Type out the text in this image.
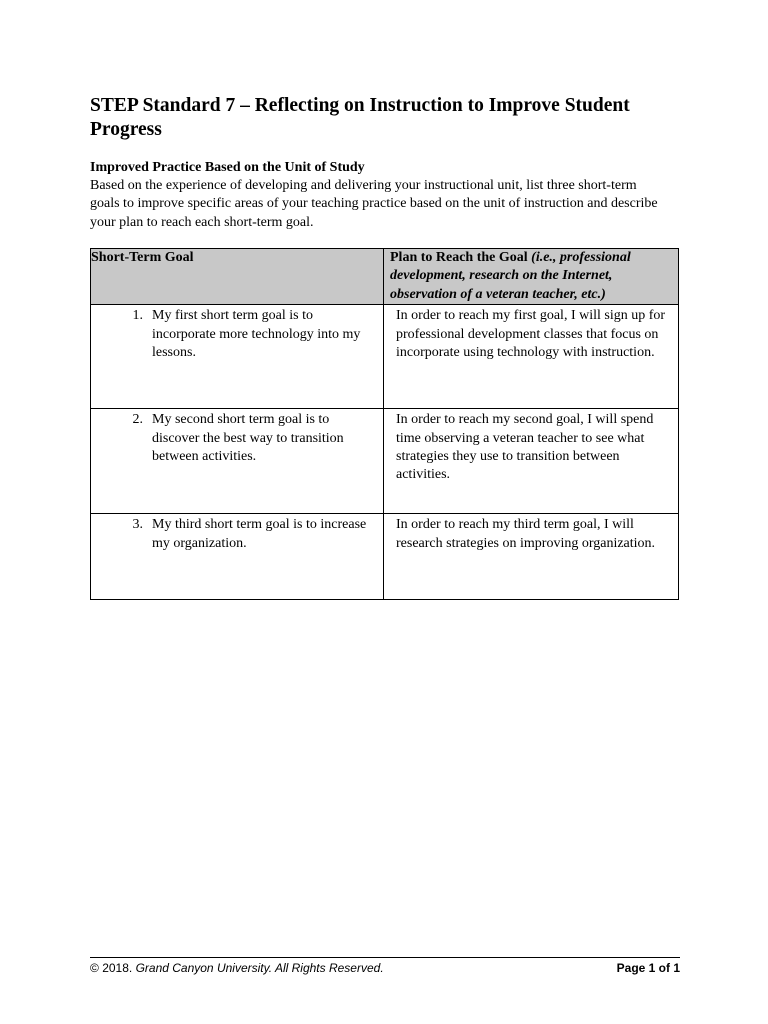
STEP Standard 7 – Reflecting on Instruction to Improve Student Progress
Improved Practice Based on the Unit of Study
Based on the experience of developing and delivering your instructional unit, list three short-term goals to improve specific areas of your teaching practice based on the unit of instruction and describe your plan to reach each short-term goal.
Short-Term Goal	Plan to Reach the Goal (i.e., professional development, research on the Internet, observation of a veteran teacher, etc.)

1. My first short term goal is to incorporate more technology into my lessons.	In order to reach my first goal, I will sign up for professional development classes that focus on incorporate using technology with instruction.

2. My second short term goal is to discover the best way to transition between activities.	In order to reach my second goal, I will spend time observing a veteran teacher to see what strategies they use to transition between activities.

3. My third short term goal is to increase my organization.	In order to reach my third term goal, I will research strategies on improving organization.
© 2018. Grand Canyon University. All Rights Reserved.	Page 1 of 1
